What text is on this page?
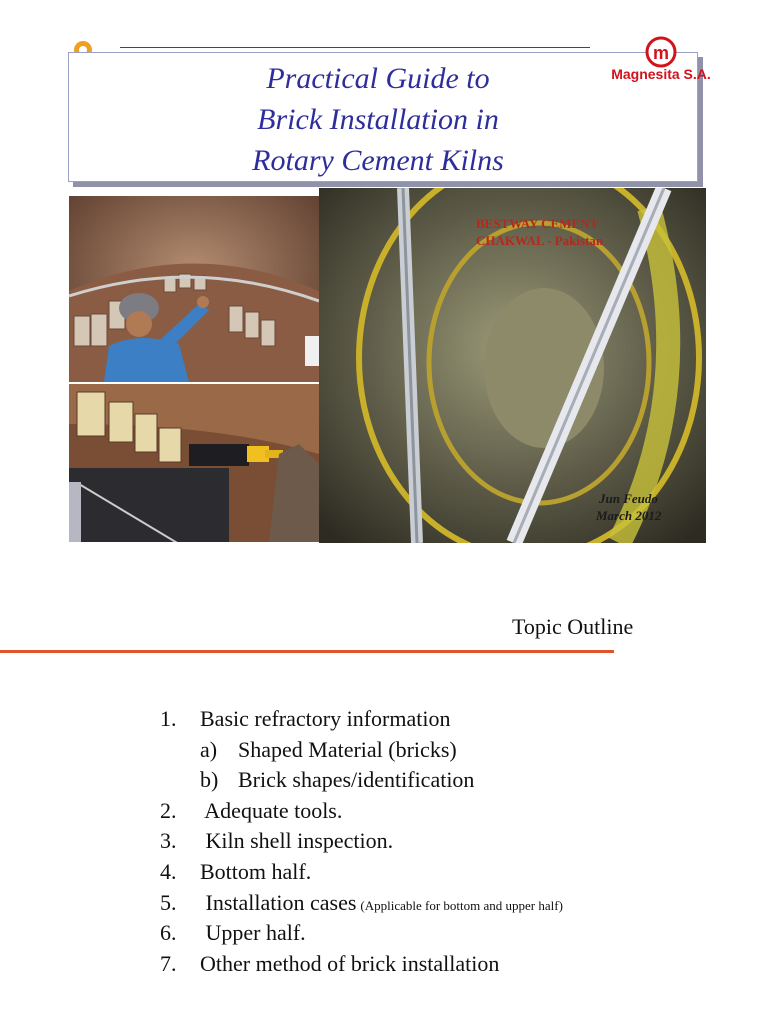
Practical Guide to
Brick Installation in
Rotary Cement Kilns
m
Magnesita S.A.
BESTWAY CEMENT
CHAKWAL - Pakistan
Jun Feudo
March 2012
Topic Outline
1.	Basic refractory information
a) Shaped Material (bricks)
b) Brick shapes/identification
2.	Adequate tools.
3.	Kiln shell inspection.
4.	Bottom half.
5.	Installation cases (Applicable for bottom and upper half)
6.	Upper half.
7.	Other method of brick installation
